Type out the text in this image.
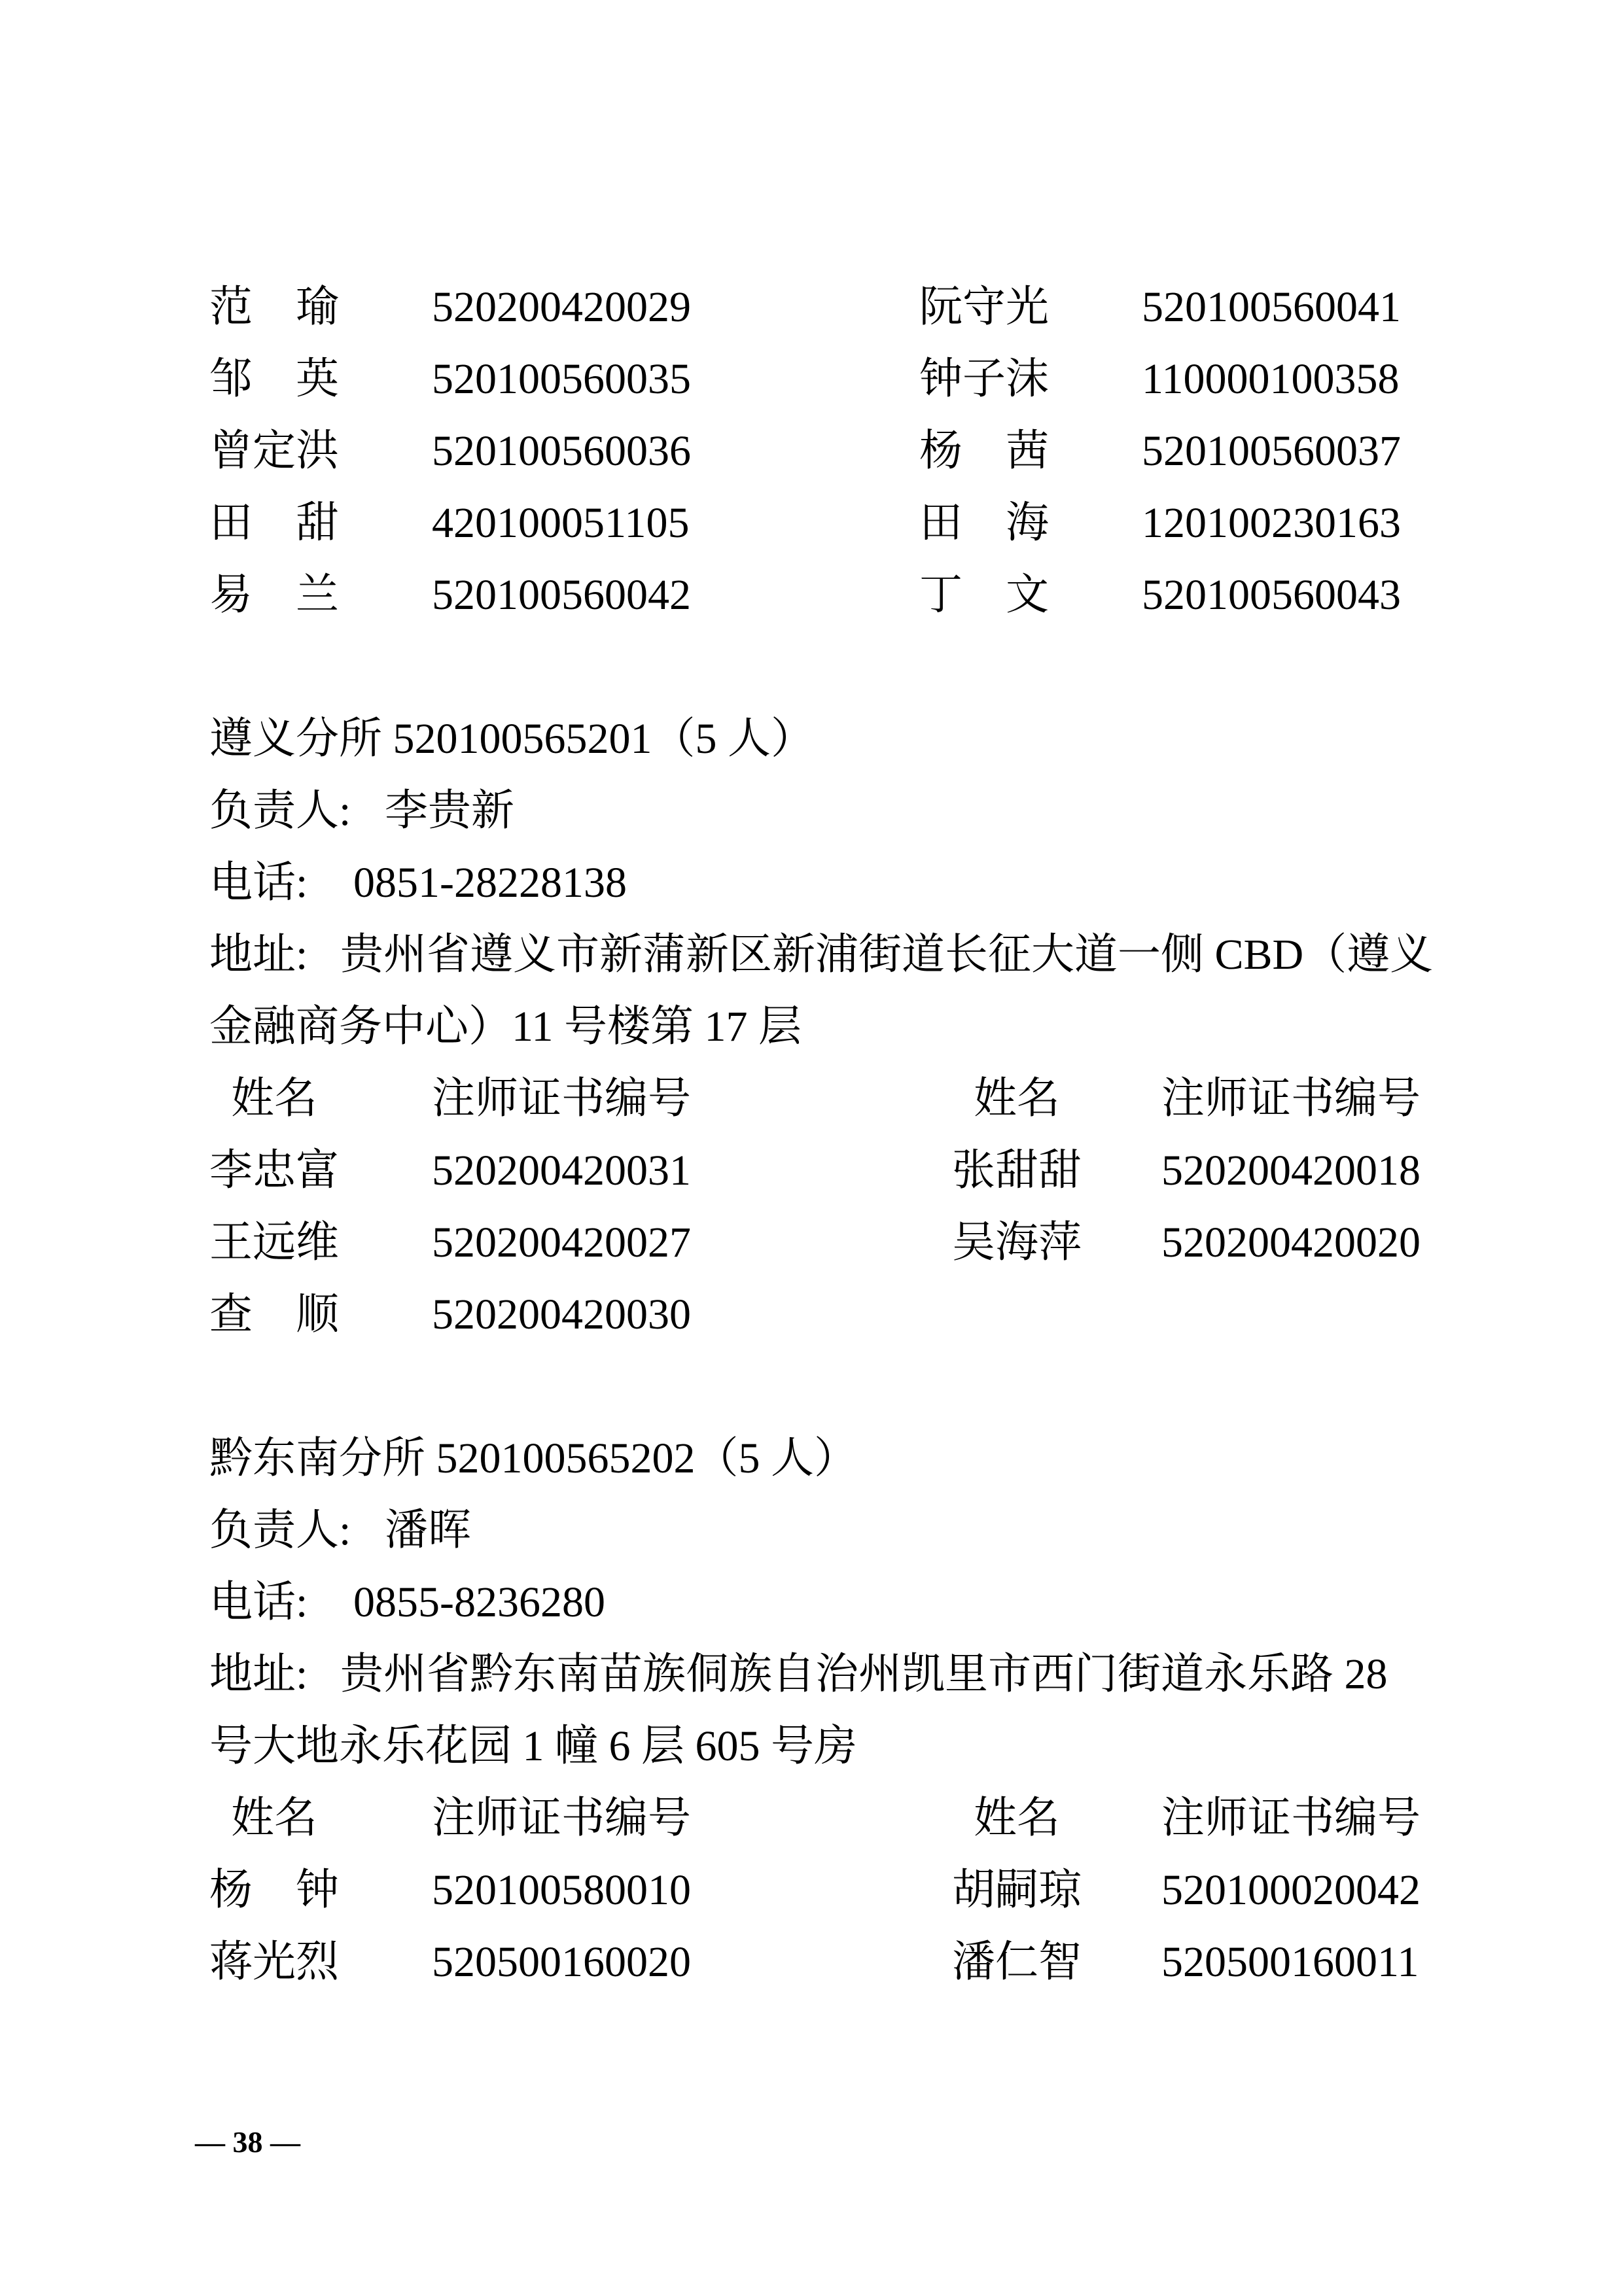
范瑜 520200420029	阮守光 520100560041
邹英 520100560035	钟子沫 110000100358
曾定洪 520100560036	杨茜 520100560037
田甜 420100051105	田海 120100230163
易兰 520100560042	丁文 520100560043
遵义分所 520100565201（5 人）
负责人: 李贵新
电话: 0851-28228138
地址: 贵州省遵义市新蒲新区新浦街道长征大道一侧 CBD（遵义
金融商务中心）11 号楼第 17 层
姓名	注师证书编号	姓名	注师证书编号
李忠富 520200420031	张甜甜 520200420018
王远维 520200420027	吴海萍 520200420020
查顺 520200420030
黔东南分所 520100565202（5 人）
负责人: 潘晖
电话: 0855-8236280
地址: 贵州省黔东南苗族侗族自治州凯里市西门街道永乐路 28
号大地永乐花园 1 幢 6 层 605 号房
姓名	注师证书编号	姓名	注师证书编号
杨钟 520100580010	胡嗣琼 520100020042
蒋光烈 520500160020	潘仁智 520500160011
— 38 —
